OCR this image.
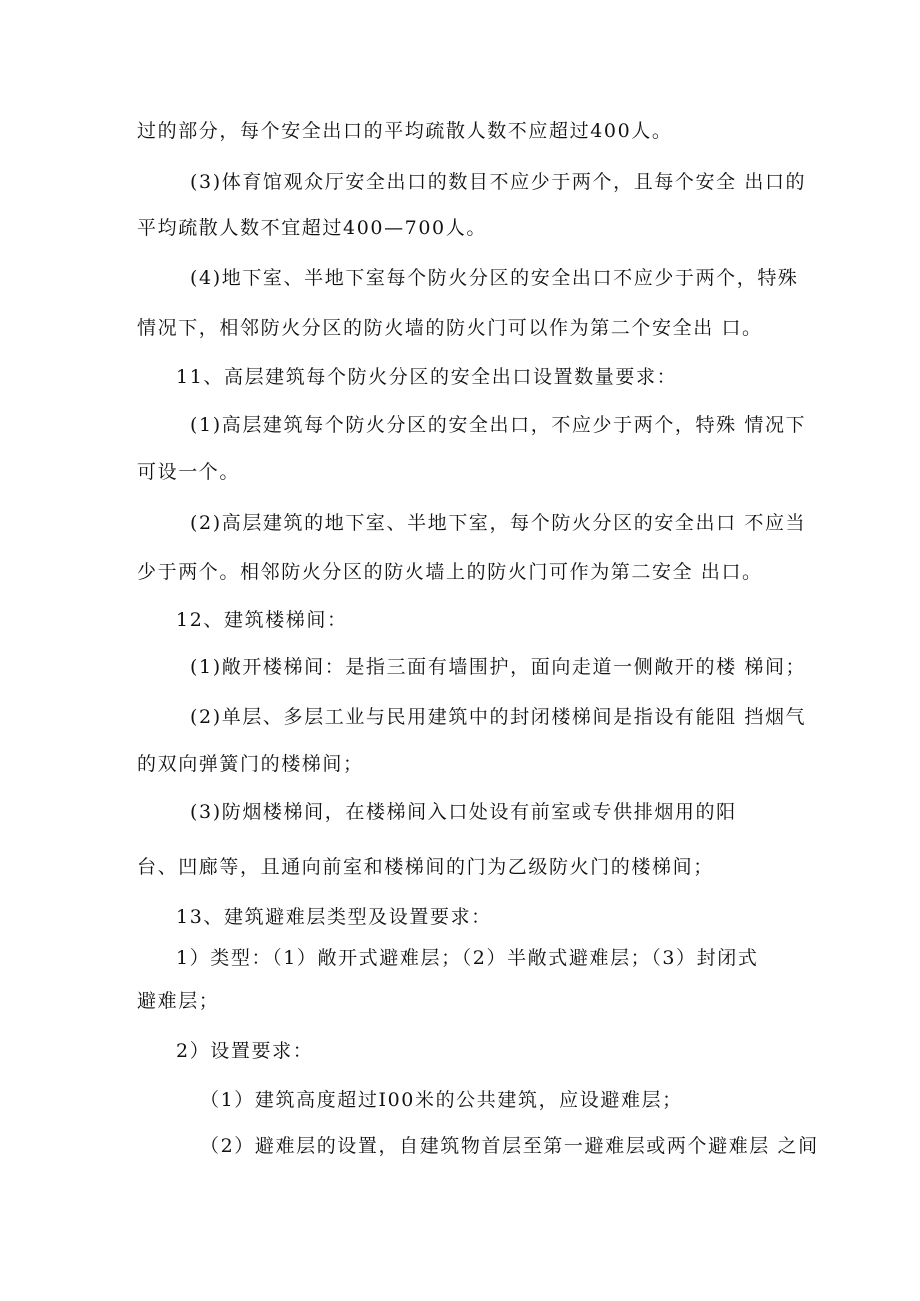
过的部分，每个安全出口的平均疏散人数不应超过400人。
(3)体育馆观众厅安全出口的数目不应少于两个，且每个安全 出口的
平均疏散人数不宜超过400—700人。
(4)地下室、半地下室每个防火分区的安全出口不应少于两个，特殊
情况下，相邻防火分区的防火墙的防火门可以作为第二个安全出 口。
11、高层建筑每个防火分区的安全出口设置数量要求：
(1)高层建筑每个防火分区的安全出口，不应少于两个，特殊 情况下
可设一个。
(2)高层建筑的地下室、半地下室，每个防火分区的安全出口 不应当
少于两个。相邻防火分区的防火墙上的防火门可作为第二安全 出口。
12、建筑楼梯间：
(1)敞开楼梯间：是指三面有墙围护，面向走道一侧敞开的楼 梯间；
(2)单层、多层工业与民用建筑中的封闭楼梯间是指设有能阻 挡烟气
的双向弹簧门的楼梯间；
(3)防烟楼梯间，在楼梯间入口处设有前室或专供排烟用的阳
台、凹廊等，且通向前室和楼梯间的门为乙级防火门的楼梯间；
13、建筑避难层类型及设置要求：
1）类型：（1）敞开式避难层；（2）半敞式避难层；（3）封闭式
避难层；
2）设置要求：
（1）建筑高度超过I00米的公共建筑，应设避难层；
（2）避难层的设置，自建筑物首层至第一避难层或两个避难层 之间
